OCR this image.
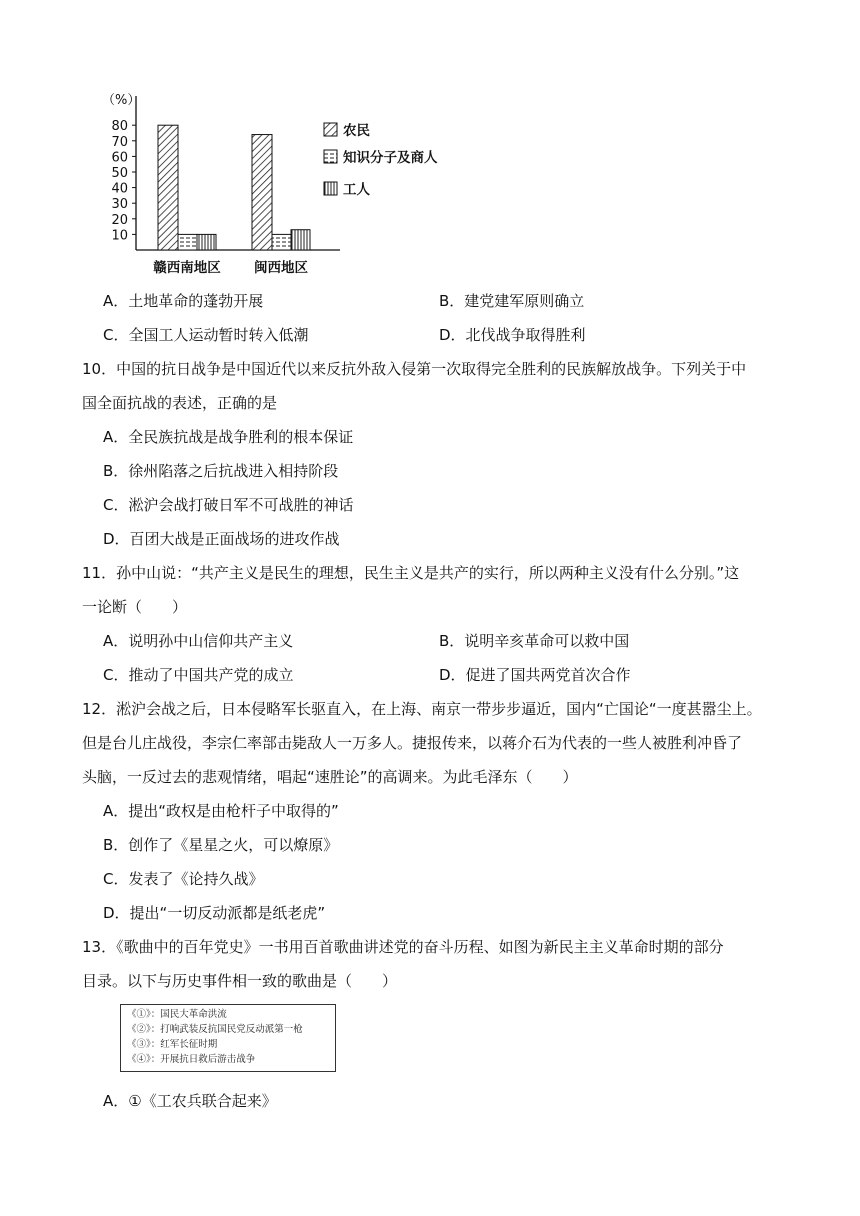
（%）
10
20
30
40
50
60
70
80
赣西南地区 闽西地区
农民
知识分子及商人
工人
A．土地革命的蓬勃开展	B．建党建军原则确立
C．全国工人运动暂时转入低潮	D．北伐战争取得胜利
10．中国的抗日战争是中国近代以来反抗外敌入侵第一次取得完全胜利的民族解放战争。下列关于中
国全面抗战的表述，正确的是
A．全民族抗战是战争胜利的根本保证
B．徐州陷落之后抗战进入相持阶段
C．淞沪会战打破日军不可战胜的神话
D．百团大战是正面战场的进攻作战
11．孙中山说：“共产主义是民生的理想，民生主义是共产的实行，所以两种主义没有什么分别。”这
一论断（　　）
A．说明孙中山信仰共产主义	B．说明辛亥革命可以救中国
C．推动了中国共产党的成立	D．促进了国共两党首次合作
12．淞沪会战之后，日本侵略军长驱直入，在上海、南京一带步步逼近，国内“亡国论“一度甚嚣尘上。
但是台儿庄战役，李宗仁率部击毙敌人一万多人。捷报传来，以蒋介石为代表的一些人被胜利冲昏了
头脑，一反过去的悲观情绪，唱起“速胜论”的高调来。为此毛泽东（　　）
A．提出“政权是由枪杆子中取得的”
B．创作了《星星之火，可以燎原》
C．发表了《论持久战》
D．提出“一切反动派都是纸老虎”
13．《歌曲中的百年党史》一书用百首歌曲讲述党的奋斗历程、如图为新民主主义革命时期的部分
目录。以下与历史事件相一致的歌曲是（　　）
《①》：国民大革命洪流
《②》：打响武装反抗国民党反动派第一枪
《③》：红军长征时期
《④》：开展抗日救后游击战争
A．①《工农兵联合起来》
